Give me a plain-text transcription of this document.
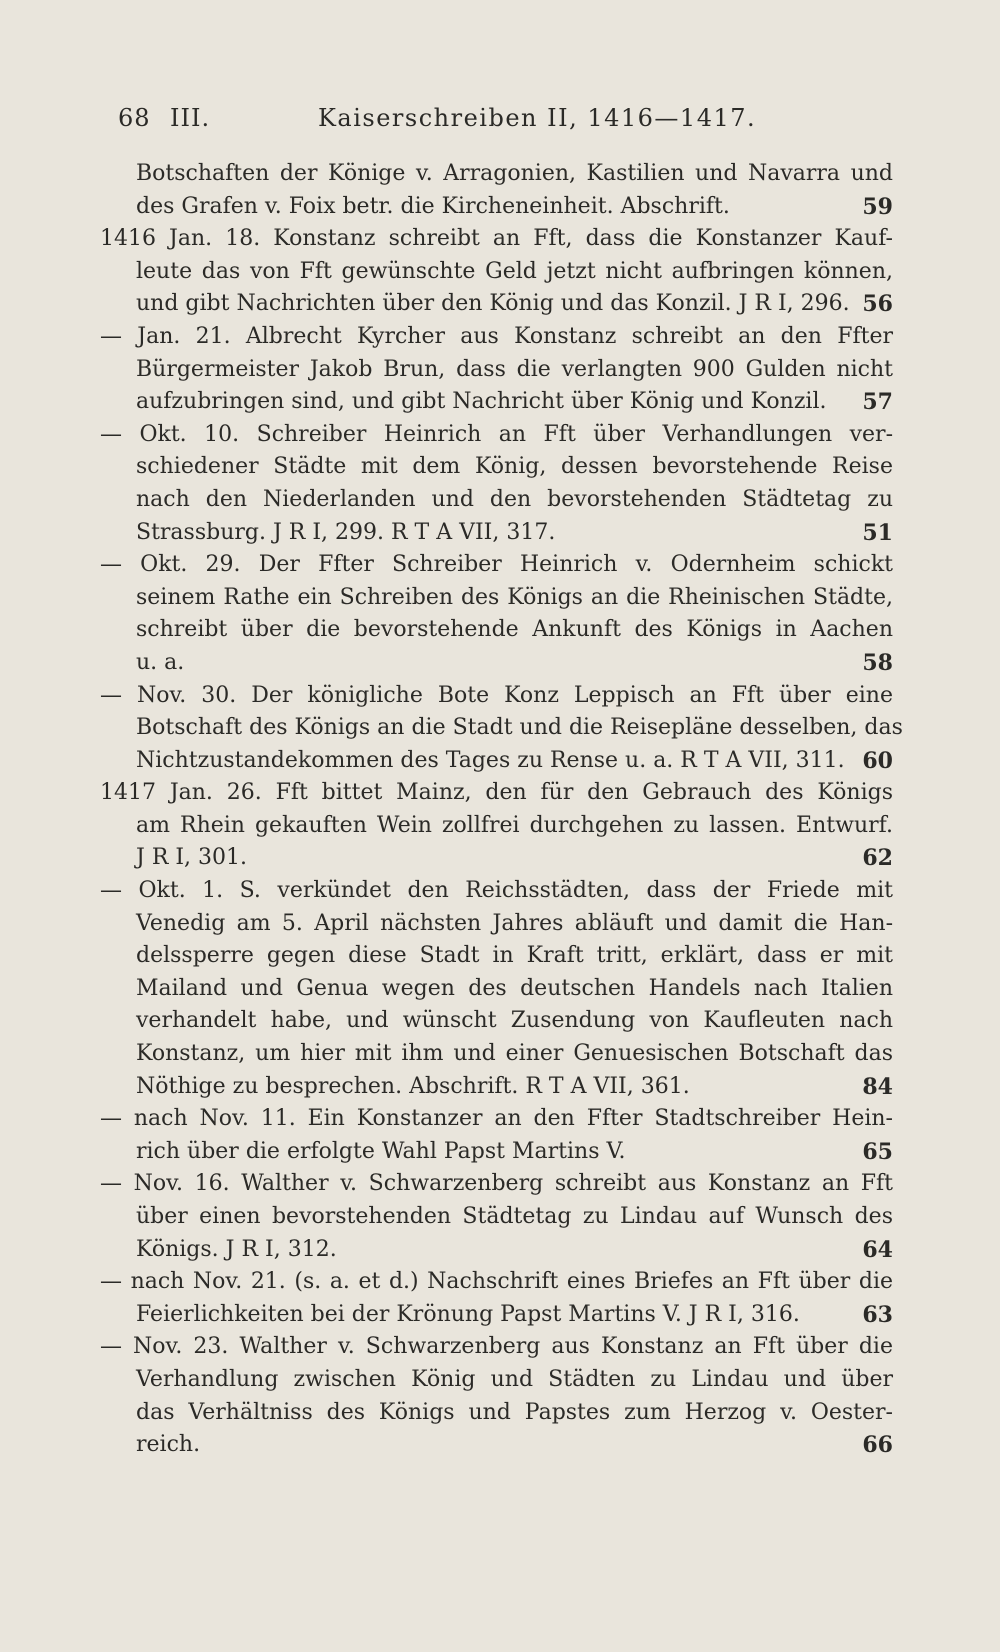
68 III.	Kaiserschreiben II, 1416—1417.
Botschaften der Könige v. Arragonien, Kastilien und Navarra und
des Grafen v. Foix betr. die Kircheneinheit. Abschrift.	59
1416 Jan. 18. Konstanz schreibt an Fft, dass die Konstanzer Kauf-
leute das von Fft gewünschte Geld jetzt nicht aufbringen können,
und gibt Nachrichten über den König und das Konzil. J R I, 296. 56
— Jan. 21. Albrecht Kyrcher aus Konstanz schreibt an den Ffter
Bürgermeister Jakob Brun, dass die verlangten 900 Gulden nicht
aufzubringen sind, und gibt Nachricht über König und Konzil.	57
— Okt. 10. Schreiber Heinrich an Fft über Verhandlungen ver-
schiedener Städte mit dem König, dessen bevorstehende Reise
nach den Niederlanden und den bevorstehenden Städtetag zu
Strassburg. J R I, 299. R T A VII, 317.	51
— Okt. 29. Der Ffter Schreiber Heinrich v. Odernheim schickt
seinem Rathe ein Schreiben des Königs an die Rheinischen Städte,
schreibt über die bevorstehende Ankunft des Königs in Aachen
u. a.	58
— Nov. 30. Der königliche Bote Konz Leppisch an Fft über eine
Botschaft des Königs an die Stadt und die Reisepläne desselben, das
Nichtzustandekommen des Tages zu Rense u. a. R T A VII, 311. 60
1417 Jan. 26. Fft bittet Mainz, den für den Gebrauch des Königs
am Rhein gekauften Wein zollfrei durchgehen zu lassen. Entwurf.
J R I, 301.	62
— Okt. 1. S. verkündet den Reichsstädten, dass der Friede mit
Venedig am 5. April nächsten Jahres abläuft und damit die Han-
delssperre gegen diese Stadt in Kraft tritt, erklärt, dass er mit
Mailand und Genua wegen des deutschen Handels nach Italien
verhandelt habe, und wünscht Zusendung von Kaufleuten nach
Konstanz, um hier mit ihm und einer Genuesischen Botschaft das
Nöthige zu besprechen. Abschrift. R T A VII, 361.	84
— nach Nov. 11. Ein Konstanzer an den Ffter Stadtschreiber Hein-
rich über die erfolgte Wahl Papst Martins V.	65
— Nov. 16. Walther v. Schwarzenberg schreibt aus Konstanz an Fft
über einen bevorstehenden Städtetag zu Lindau auf Wunsch des
Königs. J R I, 312.	64
— nach Nov. 21. (s. a. et d.) Nachschrift eines Briefes an Fft über die
Feierlichkeiten bei der Krönung Papst Martins V. J R I, 316.	63
— Nov. 23. Walther v. Schwarzenberg aus Konstanz an Fft über die
Verhandlung zwischen König und Städten zu Lindau und über
das Verhältniss des Königs und Papstes zum Herzog v. Oester-
reich.	66
